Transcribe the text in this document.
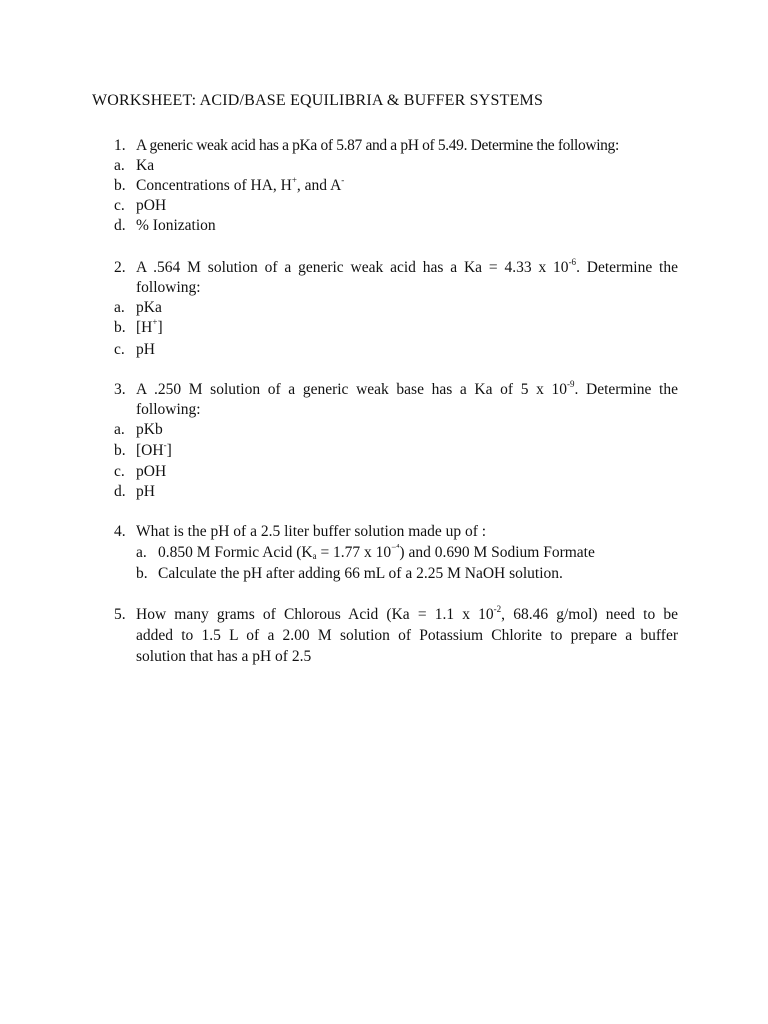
WORKSHEET: ACID/BASE EQUILIBRIA & BUFFER SYSTEMS
1. A generic weak acid has a pKa of 5.87 and a pH of 5.49. Determine the following:
a. Ka
b. Concentrations of HA, H+, and A-
c. pOH
d. % Ionization
2. A .564 M solution of a generic weak acid has a Ka = 4.33 x $10^{-6}$. Determine the
following:
a. pKa
b. [H+]
c. pH
3. A .250 M solution of a generic weak base has a Ka of 5 x $10^{-9}$. Determine the
following:
a. pKb
b. [OH-]
c. pOH
d. pH
4. What is the pH of a 2.5 liter buffer solution made up of :
a. 0.850 M Formic Acid ($K_a = 1.77$ x $10^{-^4}$) and 0.690 M Sodium Formate
b. Calculate the pH after adding 66 mL of a 2.25 M NaOH solution.
5. How many grams of Chlorous Acid (Ka = 1.1 x $10^{-2}$, 68.46 g/mol) need to be
added to 1.5 L of a 2.00 M solution of Potassium Chlorite to prepare a buffer
solution that has a pH of 2.5
